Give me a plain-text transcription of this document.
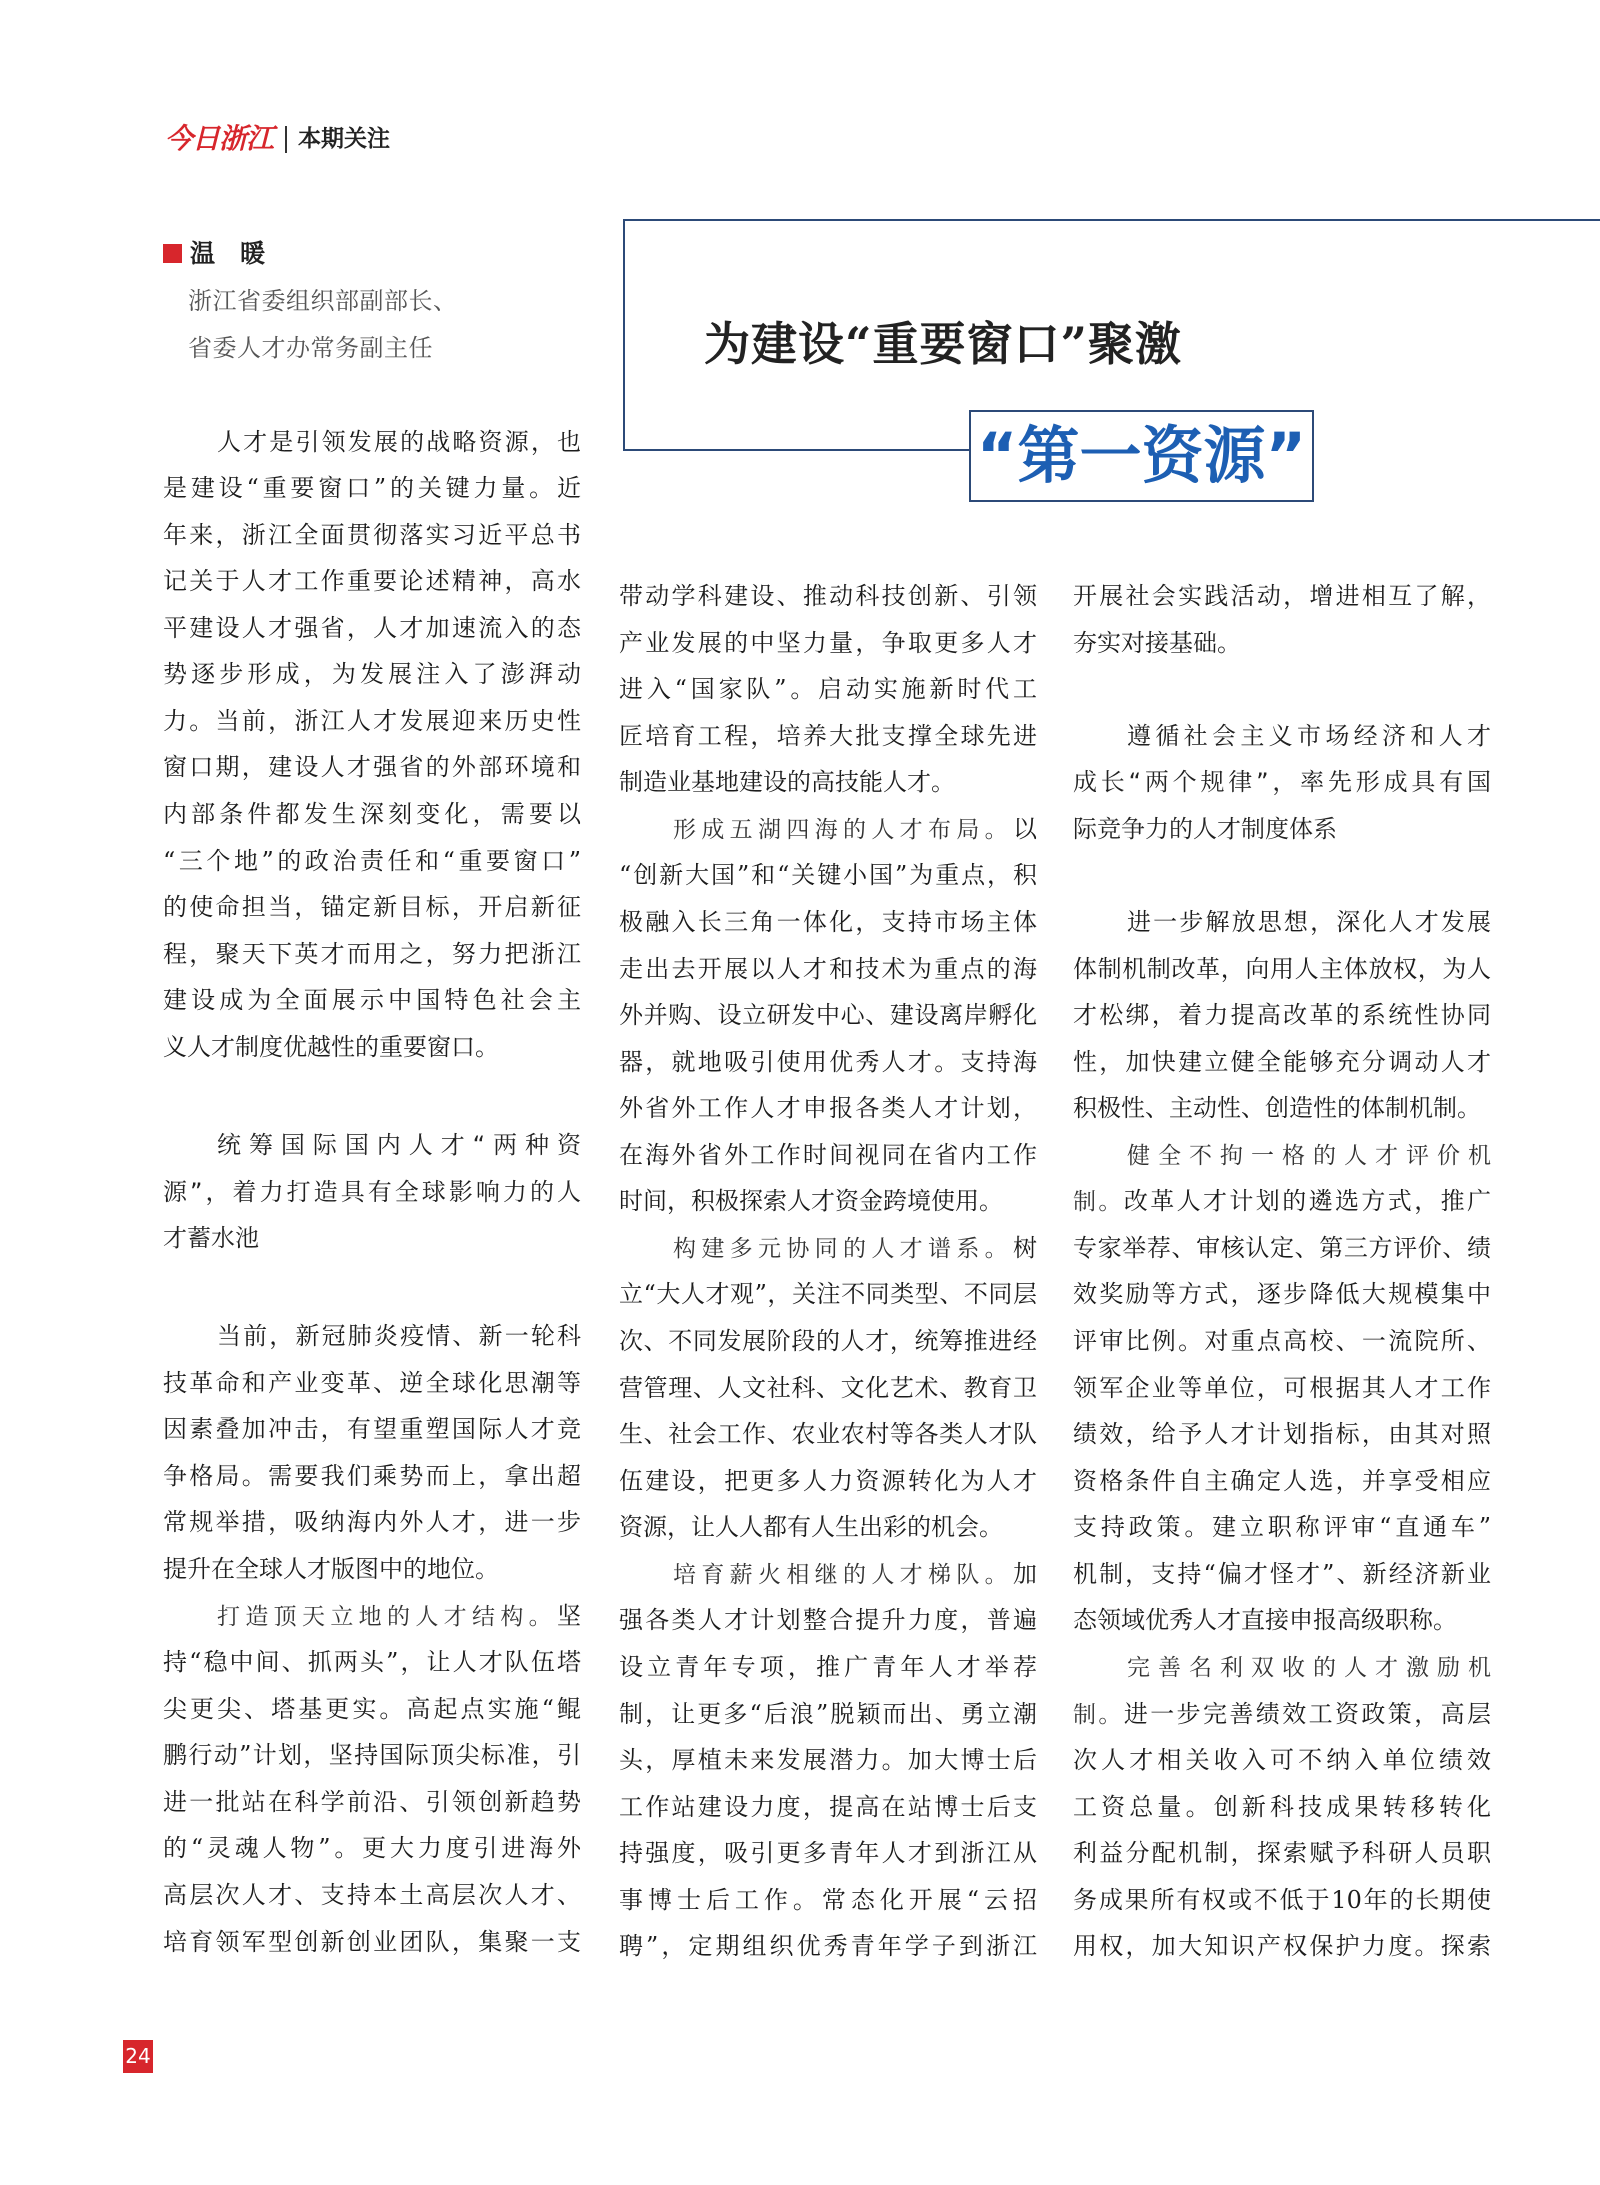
今日浙江 本期关注
温　暖
浙江省委组织部副部长、
省委人才办常务副主任	为建设“重要窗口”聚激
“第一资源”
人才是引领发展的战略资源，也
是建设“重要窗口”的关键力量。近
年来，浙江全面贯彻落实习近平总书
记关于人才工作重要论述精神，高水
平建设人才强省，人才加速流入的态
势逐步形成，为发展注入了澎湃动
力。当前，浙江人才发展迎来历史性
窗口期，建设人才强省的外部环境和
内部条件都发生深刻变化，需要以
“三个地”的政治责任和“重要窗口”
的使命担当，锚定新目标，开启新征
程，聚天下英才而用之，努力把浙江
建设成为全面展示中国特色社会主
义人才制度优越性的重要窗口。
统筹国际国内人才“两种资
源”，着力打造具有全球影响力的人
才蓄水池
当前，新冠肺炎疫情、新一轮科
技革命和产业变革、逆全球化思潮等
因素叠加冲击，有望重塑国际人才竞
争格局。需要我们乘势而上，拿出超
常规举措，吸纳海内外人才，进一步
提升在全球人才版图中的地位。
打造顶天立地的人才结构。坚
持“稳中间、抓两头”，让人才队伍塔
尖更尖、塔基更实。高起点实施“鲲
鹏行动”计划，坚持国际顶尖标准，引
进一批站在科学前沿、引领创新趋势
的“灵魂人物”。更大力度引进海外
高层次人才、支持本土高层次人才、
培育领军型创新创业团队，集聚一支
带动学科建设、推动科技创新、引领
产业发展的中坚力量，争取更多人才
进入“国家队”。启动实施新时代工
匠培育工程，培养大批支撑全球先进
制造业基地建设的高技能人才。
形成五湖四海的人才布局。以
“创新大国”和“关键小国”为重点，积
极融入长三角一体化，支持市场主体
走出去开展以人才和技术为重点的海
外并购、设立研发中心、建设离岸孵化
器，就地吸引使用优秀人才。支持海
外省外工作人才申报各类人才计划，
在海外省外工作时间视同在省内工作
时间，积极探索人才资金跨境使用。
构建多元协同的人才谱系。树
立“大人才观”，关注不同类型、不同层
次、不同发展阶段的人才，统筹推进经
营管理、人文社科、文化艺术、教育卫
生、社会工作、农业农村等各类人才队
伍建设，把更多人力资源转化为人才
资源，让人人都有人生出彩的机会。
培育薪火相继的人才梯队。加
强各类人才计划整合提升力度，普遍
设立青年专项，推广青年人才举荐
制，让更多“后浪”脱颖而出、勇立潮
头，厚植未来发展潜力。加大博士后
工作站建设力度，提高在站博士后支
持强度，吸引更多青年人才到浙江从
事博士后工作。常态化开展“云招
聘”，定期组织优秀青年学子到浙江
开展社会实践活动，增进相互了解，
夯实对接基础。
遵循社会主义市场经济和人才
成长“两个规律”，率先形成具有国
际竞争力的人才制度体系
进一步解放思想，深化人才发展
体制机制改革，向用人主体放权，为人
才松绑，着力提高改革的系统性协同
性，加快建立健全能够充分调动人才
积极性、主动性、创造性的体制机制。
健全不拘一格的人才评价机
制。改革人才计划的遴选方式，推广
专家举荐、审核认定、第三方评价、绩
效奖励等方式，逐步降低大规模集中
评审比例。对重点高校、一流院所、
领军企业等单位，可根据其人才工作
绩效，给予人才计划指标，由其对照
资格条件自主确定人选，并享受相应
支持政策。建立职称评审“直通车”
机制，支持“偏才怪才”、新经济新业
态领域优秀人才直接申报高级职称。
完善名利双收的人才激励机
制。进一步完善绩效工资政策，高层
次人才相关收入可不纳入单位绩效
工资总量。创新科技成果转移转化
利益分配机制，探索赋予科研人员职
务成果所有权或不低于10年的长期使
用权，加大知识产权保护力度。探索
24
